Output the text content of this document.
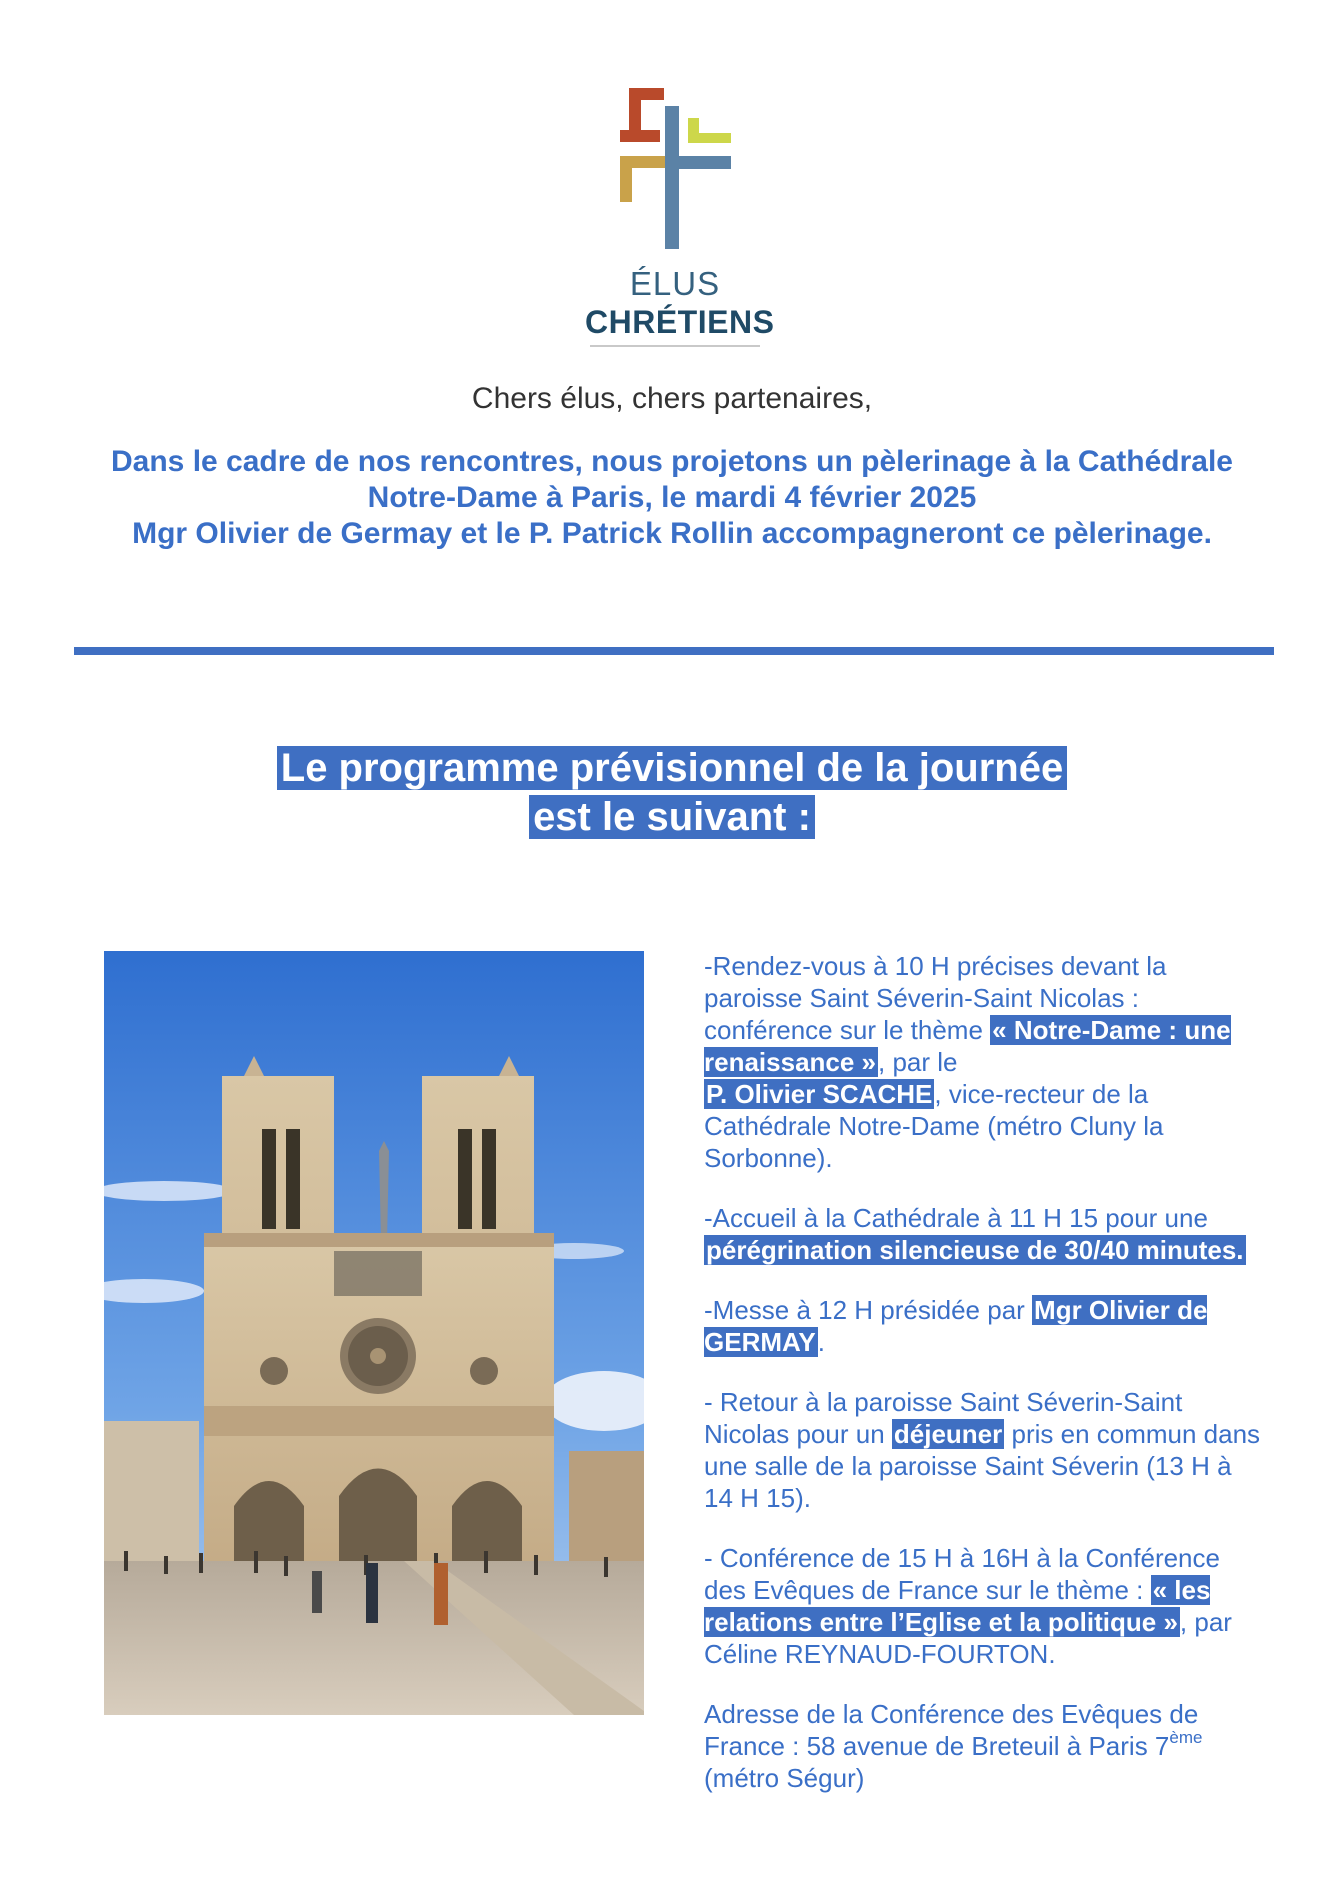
ÉLUS
CHRÉTIENS
Chers élus, chers partenaires,
Dans le cadre de nos rencontres, nous projetons un pèlerinage à la Cathédrale
Notre-Dame à Paris, le mardi 4 février 2025
Mgr Olivier de Germay et le P. Patrick Rollin accompagneront ce pèlerinage.
Le programme prévisionnel de la journée
est le suivant :

-Rendez-vous à 10 H précises devant la paroisse Saint Séverin-Saint Nicolas : conférence sur le thème « Notre-Dame : une renaissance », par le
P. Olivier SCACHE, vice-recteur de la Cathédrale Notre-Dame (métro Cluny la Sorbonne).

-Accueil à la Cathédrale à 11 H 15 pour une pérégrination silencieuse de 30/40 minutes.

-Messe à 12 H présidée par Mgr Olivier de GERMAY.

- Retour à la paroisse Saint Séverin-Saint Nicolas pour un déjeuner pris en commun dans une salle de la paroisse Saint Séverin (13 H à 14 H 15).

- Conférence de 15 H à 16H à la Conférence des Evêques de France sur le thème : « les relations entre l’Eglise et la politique », par Céline REYNAUD-FOURTON.

Adresse de la Conférence des Evêques de France : 58 avenue de Breteuil à Paris 7ème (métro Ségur)
